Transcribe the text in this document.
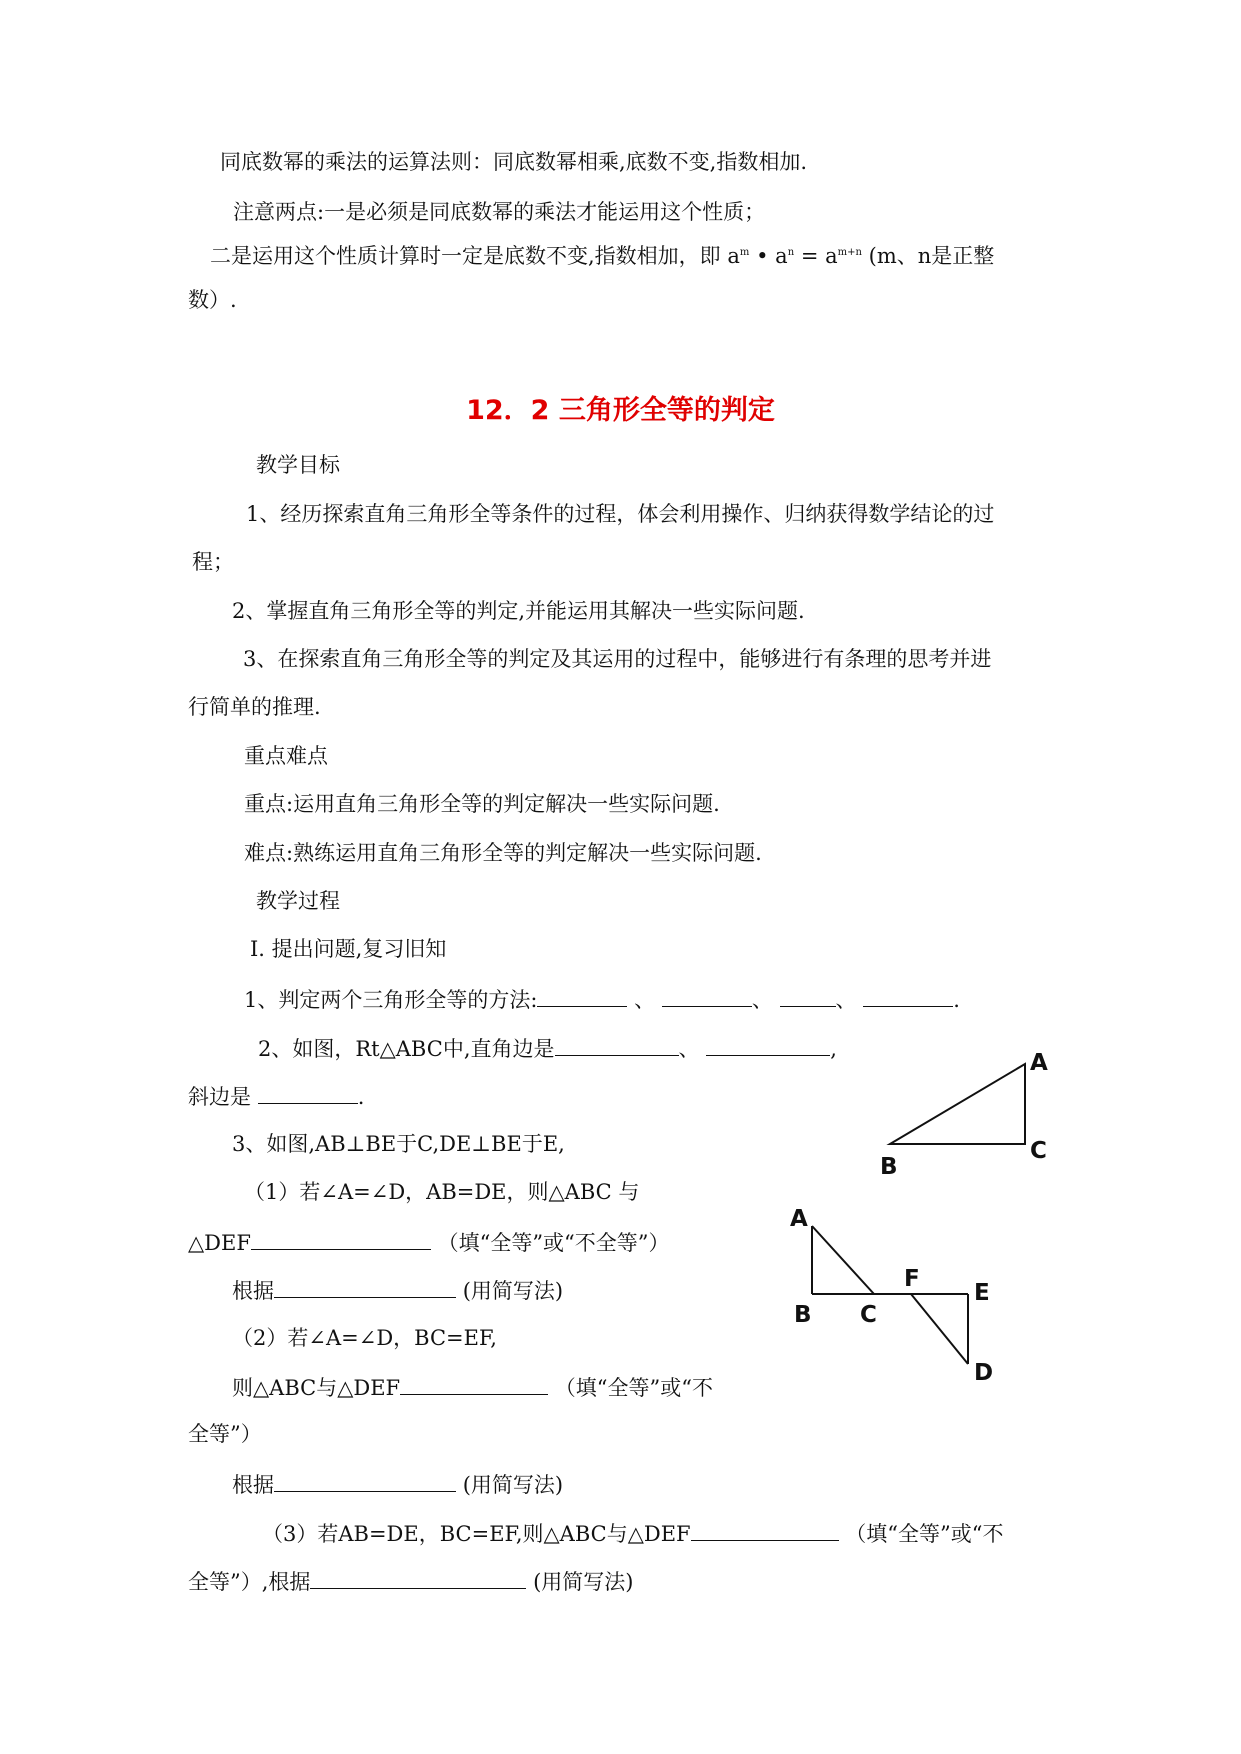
同底数幂的乘法的运算法则：同底数幂相乘,底数不变,指数相加.
注意两点:一是必须是同底数幂的乘法才能运用这个性质；
二是运用这个性质计算时一定是底数不变,指数相加，即 $a^m$ • $a^n = a^{m+n}$ (m、n是正整
数）.
12．2 三角形全等的判定
教学目标
1、经历探索直角三角形全等条件的过程，体会利用操作、归纳获得数学结论的过
程；
2、掌握直角三角形全等的判定,并能运用其解决一些实际问题.
3、在探索直角三角形全等的判定及其运用的过程中，能够进行有条理的思考并进
行简单的推理.
重点难点
重点:运用直角三角形全等的判定解决一些实际问题.
难点:熟练运用直角三角形全等的判定解决一些实际问题.
教学过程
Ⅰ. 提出问题,复习旧知
1、判定两个三角形全等的方法:	、	、	、	.
2、如图，Rt△ABC中,直角边是	、	,
斜边是	.
3、如图,AB⊥BE于C,DE⊥BE于E,
（1）若∠A=∠D，AB=DE，则△ABC 与
△DEF	（填“全等”或“不全等”）
根据	(用简写法)
（2）若∠A=∠D，BC=EF,
则△ABC与△DEF	（填“全等”或“不
全等”）
根据	(用简写法)
（3）若AB=DE，BC=EF,则△ABC与△DEF	（填“全等”或“不
全等”）,根据	(用简写法)
A
B
C
A
B C
F
E
D
